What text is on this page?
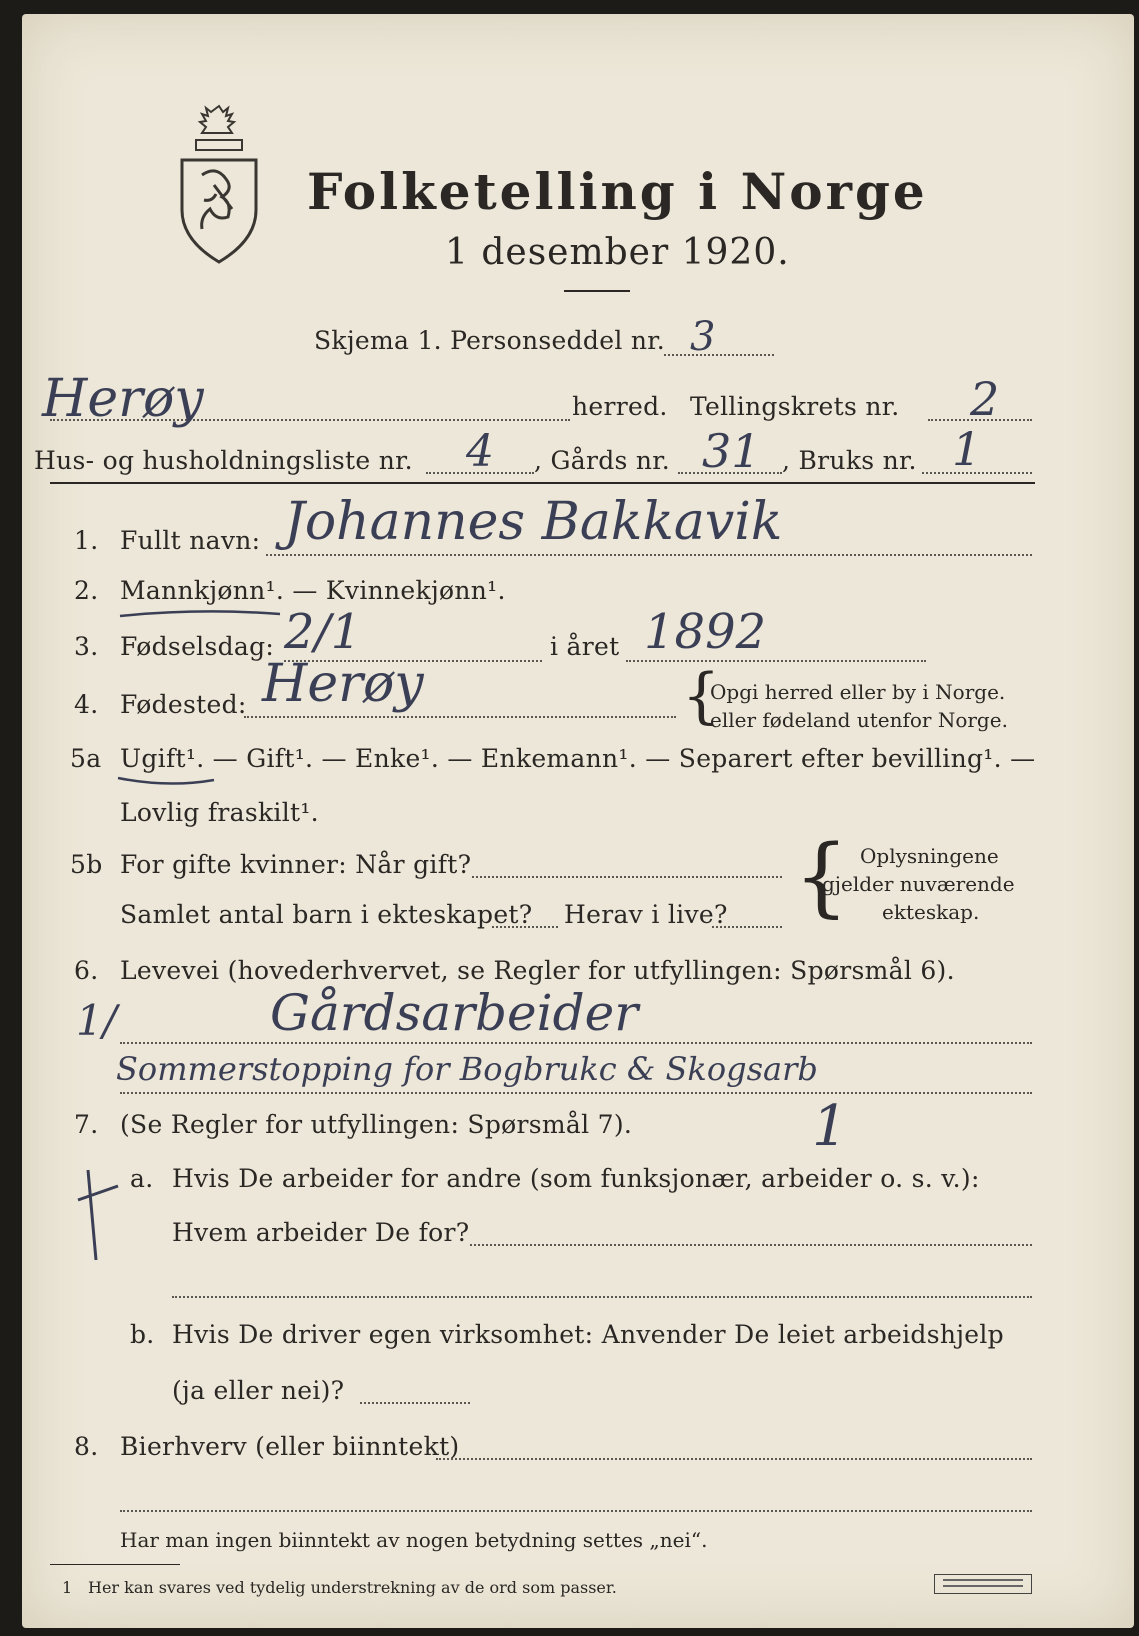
Folketelling i Norge
1 desember 1920.
Skjema 1. Personseddel nr. 3
Herøy	herred. Tellingskrets nr. 2
Hus- og husholdningsliste nr. 4 , Gårds nr. 31 , Bruks nr. 1
1. Fullt navn: Johannes Bakkavik
2. Mannkjønn¹. — Kvinnekjønn¹.
3. Fødselsdag: 2/1	i året 1892
4. Fødested: Herøy	{
Opgi herred eller by i Norge.
eller fødeland utenfor Norge.
5a Ugift¹. — Gift¹. — Enke¹. — Enkemann¹. — Separert efter bevilling¹. —
Lovlig fraskilt¹.
5b For gifte kvinner: Når gift?
Samlet antal barn i ekteskapet? Herav i live? { Oplysningene
gjelder nuværende
ekteskap.
6. Levevei (hovederhvervet, se Regler for utfyllingen: Spørsmål 6).
1/	Gårdsarbeider
Sommerstopping for Bogbrukc & Skogsarb
7. (Se Regler for utfyllingen: Spørsmål 7).	1
a. Hvis De arbeider for andre (som funksjonær, arbeider o. s. v.):
Hvem arbeider De for?
b. Hvis De driver egen virksomhet: Anvender De leiet arbeidshjelp
(ja eller nei)?
8. Bierhverv (eller biinntekt)
Har man ingen biinntekt av nogen betydning settes „nei“.
1 Her kan svares ved tydelig understrekning av de ord som passer.
